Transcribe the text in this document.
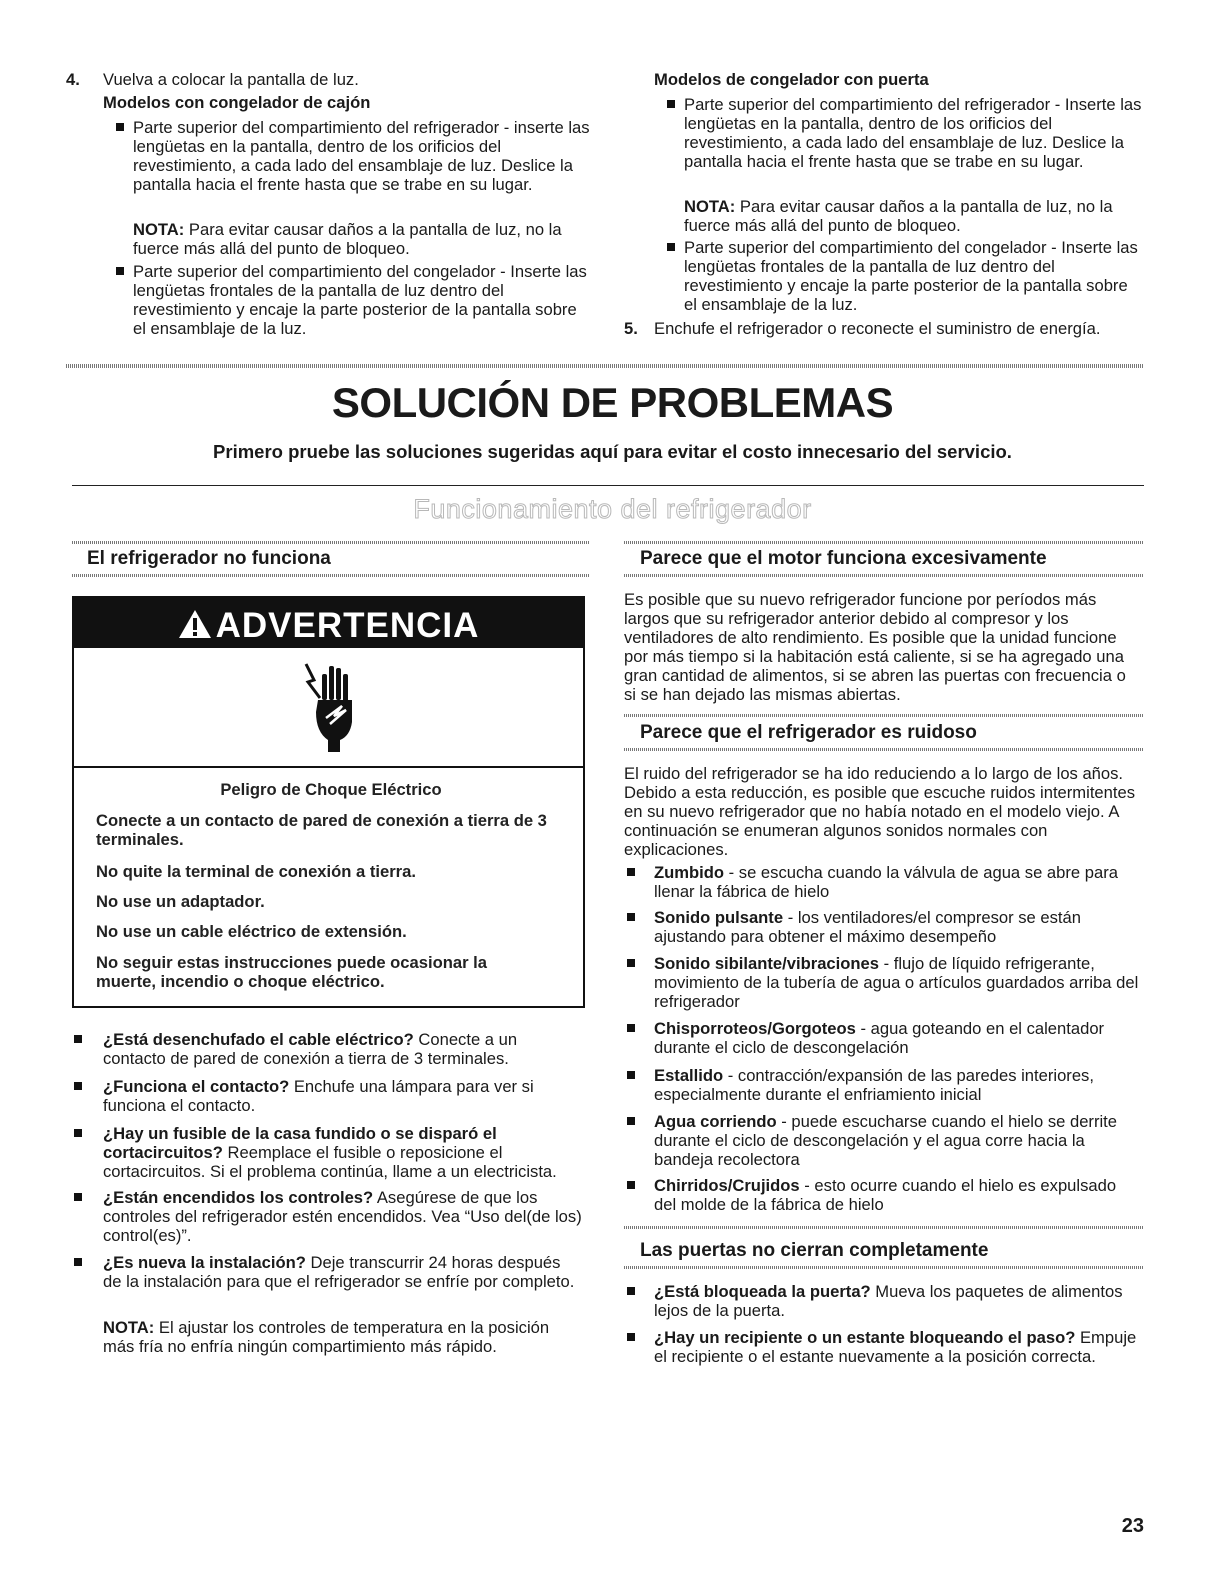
4. Vuelva a colocar la pantalla de luz.

Modelos con congelador de cajón

Parte superior del compartimiento del refrigerador - inserte las lengüetas en la pantalla, dentro de los orificios del revestimiento, a cada lado del ensamblaje de luz. Deslice la pantalla hacia el frente hasta que se trabe en su lugar.

NOTA: Para evitar causar daños a la pantalla de luz, no la fuerce más allá del punto de bloqueo.

Parte superior del compartimiento del congelador - Inserte las lengüetas frontales de la pantalla de luz dentro del revestimiento y encaje la parte posterior de la pantalla sobre el ensamblaje de la luz.

Modelos de congelador con puerta

Parte superior del compartimiento del refrigerador - Inserte las lengüetas en la pantalla, dentro de los orificios del revestimiento, a cada lado del ensamblaje de luz. Deslice la pantalla hacia el frente hasta que se trabe en su lugar.

NOTA: Para evitar causar daños a la pantalla de luz, no la fuerce más allá del punto de bloqueo.

Parte superior del compartimiento del congelador - Inserte las lengüetas frontales de la pantalla de luz dentro del revestimiento y encaje la parte posterior de la pantalla sobre el ensamblaje de la luz.

5. Enchufe el refrigerador o reconecte el suministro de energía.

SOLUCIÓN DE PROBLEMAS
Primero pruebe las soluciones sugeridas aquí para evitar el costo innecesario del servicio.
Funcionamiento del refrigerador
El refrigerador no funciona
ADVERTENCIA
Peligro de Choque Eléctrico
Conecte a un contacto de pared de conexión a tierra de 3 terminales.
No quite la terminal de conexión a tierra.
No use un adaptador.
No use un cable eléctrico de extensión.
No seguir estas instrucciones puede ocasionar la muerte, incendio o choque eléctrico.

¿Está desenchufado el cable eléctrico? Conecte a un contacto de pared de conexión a tierra de 3 terminales.

¿Funciona el contacto? Enchufe una lámpara para ver si funciona el contacto.

¿Hay un fusible de la casa fundido o se disparó el cortacircuitos? Reemplace el fusible o reposicione el cortacircuitos. Si el problema continúa, llame a un electricista.

¿Están encendidos los controles? Asegúrese de que los controles del refrigerador estén encendidos. Vea “Uso del(de los) control(es)”.

¿Es nueva la instalación? Deje transcurrir 24 horas después de la instalación para que el refrigerador se enfríe por completo.

NOTA: El ajustar los controles de temperatura en la posición más fría no enfría ningún compartimiento más rápido.

Parece que el motor funciona excesivamente

Es posible que su nuevo refrigerador funcione por períodos más largos que su refrigerador anterior debido al compresor y los ventiladores de alto rendimiento. Es posible que la unidad funcione por más tiempo si la habitación está caliente, si se ha agregado una gran cantidad de alimentos, si se abren las puertas con frecuencia o si se han dejado las mismas abiertas.

Parece que el refrigerador es ruidoso

El ruido del refrigerador se ha ido reduciendo a lo largo de los años. Debido a esta reducción, es posible que escuche ruidos intermitentes en su nuevo refrigerador que no había notado en el modelo viejo. A continuación se enumeran algunos sonidos normales con explicaciones.

Zumbido - se escucha cuando la válvula de agua se abre para llenar la fábrica de hielo

Sonido pulsante - los ventiladores/el compresor se están ajustando para obtener el máximo desempeño

Sonido sibilante/vibraciones - flujo de líquido refrigerante, movimiento de la tubería de agua o artículos guardados arriba del refrigerador

Chisporroteos/Gorgoteos - agua goteando en el calentador durante el ciclo de descongelación

Estallido - contracción/expansión de las paredes interiores, especialmente durante el enfriamiento inicial

Agua corriendo - puede escucharse cuando el hielo se derrite durante el ciclo de descongelación y el agua corre hacia la bandeja recolectora

Chirridos/Crujidos - esto ocurre cuando el hielo es expulsado del molde de la fábrica de hielo

Las puertas no cierran completamente

¿Está bloqueada la puerta? Mueva los paquetes de alimentos lejos de la puerta.

¿Hay un recipiente o un estante bloqueando el paso? Empuje el recipiente o el estante nuevamente a la posición correcta.

23
